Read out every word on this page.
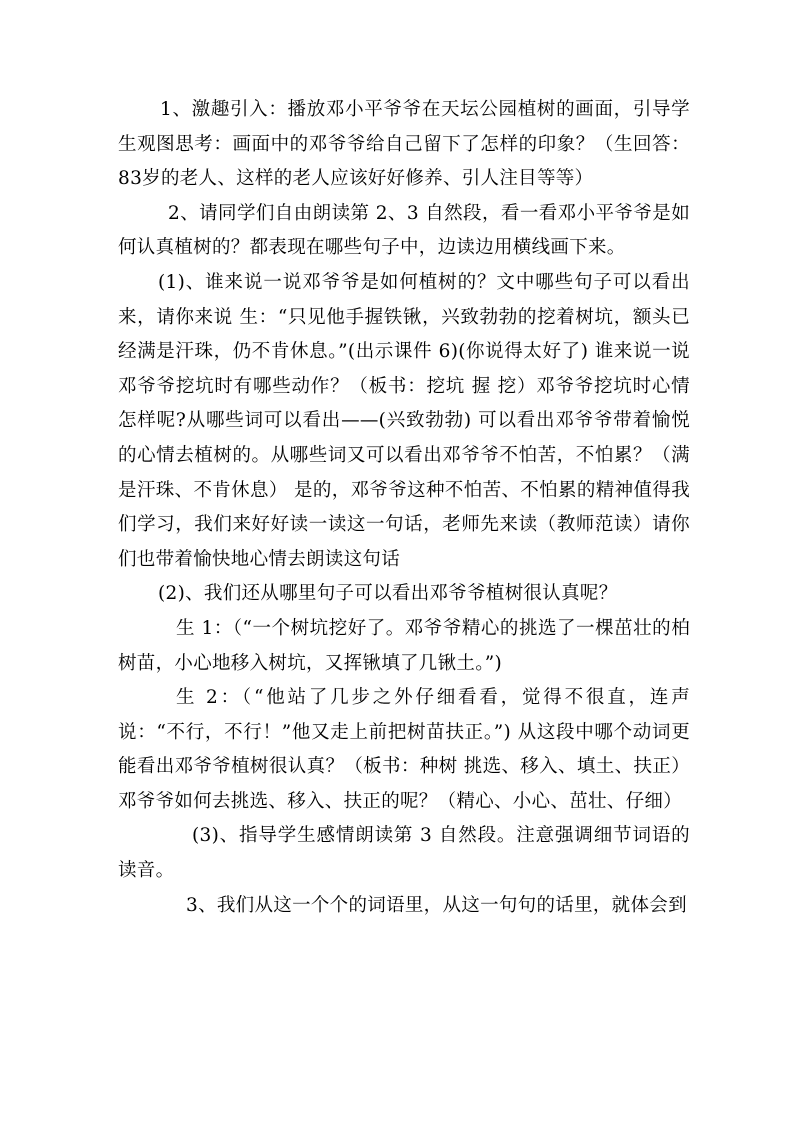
1、激趣引入：播放邓小平爷爷在天坛公园植树的画面，引导学生观图思考：画面中的邓爷爷给自己留下了怎样的印象？（生回答：83岁的老人、这样的老人应该好好修养、引人注目等等）

2、请同学们自由朗读第 2、3 自然段，看一看邓小平爷爷是如何认真植树的？都表现在哪些句子中，边读边用横线画下来。

(1)、谁来说一说邓爷爷是如何植树的？文中哪些句子可以看出来，请你来说 生：“只见他手握铁锹，兴致勃勃的挖着树坑，额头已经满是汗珠，仍不肯休息。”(出示课件 6)(你说得太好了) 谁来说一说邓爷爷挖坑时有哪些动作？（板书：挖坑 握 挖）邓爷爷挖坑时心情怎样呢?从哪些词可以看出——(兴致勃勃) 可以看出邓爷爷带着愉悦的心情去植树的。从哪些词又可以看出邓爷爷不怕苦，不怕累？（满是汗珠、不肯休息） 是的，邓爷爷这种不怕苦、不怕累的精神值得我们学习，我们来好好读一读这一句话，老师先来读（教师范读）请你们也带着愉快地心情去朗读这句话

(2)、我们还从哪里句子可以看出邓爷爷植树很认真呢？

生 1：（“一个树坑挖好了。邓爷爷精心的挑选了一棵茁壮的柏树苗，小心地移入树坑，又挥锹填了几锹土。”)

生 2：（“他站了几步之外仔细看看，觉得不很直，连声说：“不行，不行！”他又走上前把树苗扶正。”) 从这段中哪个动词更能看出邓爷爷植树很认真？（板书：种树 挑选、移入、填土、扶正） 邓爷爷如何去挑选、移入、扶正的呢？（精心、小心、茁壮、仔细）

(3)、指导学生感情朗读第 3 自然段。注意强调细节词语的读音。

3、我们从这一个个的词语里，从这一句句的话里，就体会到
